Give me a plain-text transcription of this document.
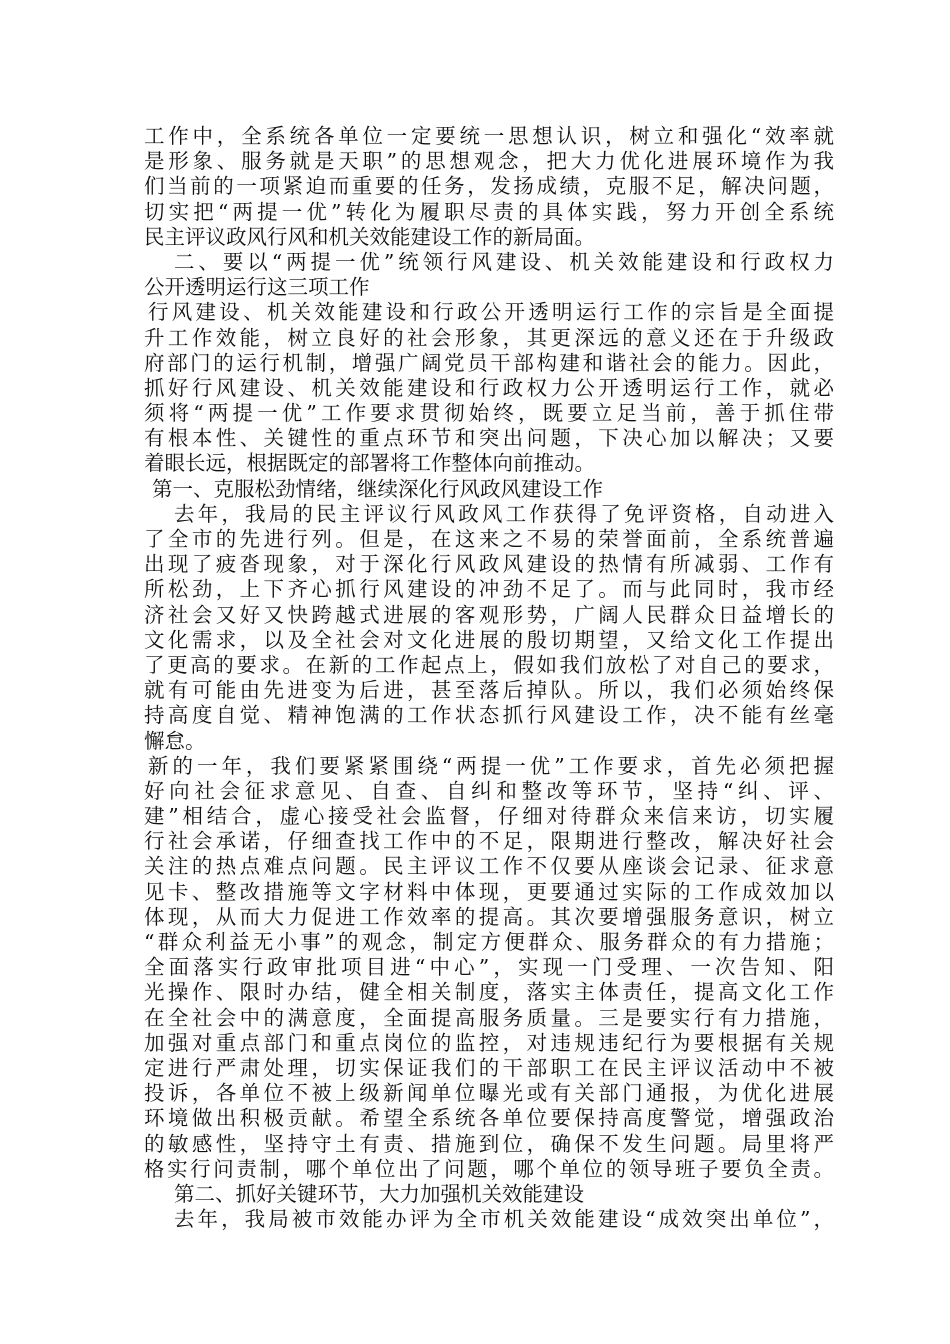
工作中，全系统各单位一定要统一思想认识，树立和强化“效率就
是形象、服务就是天职”的思想观念，把大力优化进展环境作为我
们当前的一项紧迫而重要的任务，发扬成绩，克服不足，解决问题，
切实把“两提一优”转化为履职尽责的具体实践，努力开创全系统
民主评议政风行风和机关效能建设工作的新局面。
二、要以“两提一优”统领行风建设、机关效能建设和行政权力
公开透明运行这三项工作
行风建设、机关效能建设和行政公开透明运行工作的宗旨是全面提
升工作效能，树立良好的社会形象，其更深远的意义还在于升级政
府部门的运行机制，增强广阔党员干部构建和谐社会的能力。因此，
抓好行风建设、机关效能建设和行政权力公开透明运行工作，就必
须将“两提一优”工作要求贯彻始终，既要立足当前，善于抓住带
有根本性、关键性的重点环节和突出问题，下决心加以解决；又要
着眼长远，根据既定的部署将工作整体向前推动。
第一、克服松劲情绪，继续深化行风政风建设工作
去年，我局的民主评议行风政风工作获得了免评资格，自动进入
了全市的先进行列。但是，在这来之不易的荣誉面前，全系统普遍
出现了疲沓现象，对于深化行风政风建设的热情有所减弱、工作有
所松劲，上下齐心抓行风建设的冲劲不足了。而与此同时，我市经
济社会又好又快跨越式进展的客观形势，广阔人民群众日益增长的
文化需求，以及全社会对文化进展的殷切期望，又给文化工作提出
了更高的要求。在新的工作起点上，假如我们放松了对自己的要求，
就有可能由先进变为后进，甚至落后掉队。所以，我们必须始终保
持高度自觉、精神饱满的工作状态抓行风建设工作，决不能有丝毫
懈怠。
新的一年，我们要紧紧围绕“两提一优”工作要求，首先必须把握
好向社会征求意见、自查、自纠和整改等环节，坚持“纠、评、
建”相结合，虚心接受社会监督，仔细对待群众来信来访，切实履
行社会承诺，仔细查找工作中的不足，限期进行整改，解决好社会
关注的热点难点问题。民主评议工作不仅要从座谈会记录、征求意
见卡、整改措施等文字材料中体现，更要通过实际的工作成效加以
体现，从而大力促进工作效率的提高。其次要增强服务意识，树立
“群众利益无小事”的观念，制定方便群众、服务群众的有力措施；
全面落实行政审批项目进“中心”，实现一门受理、一次告知、阳
光操作、限时办结，健全相关制度，落实主体责任，提高文化工作
在全社会中的满意度，全面提高服务质量。三是要实行有力措施，
加强对重点部门和重点岗位的监控，对违规违纪行为要根据有关规
定进行严肃处理，切实保证我们的干部职工在民主评议活动中不被
投诉，各单位不被上级新闻单位曝光或有关部门通报，为优化进展
环境做出积极贡献。希望全系统各单位要保持高度警觉，增强政治
的敏感性，坚持守土有责、措施到位，确保不发生问题。局里将严
格实行问责制，哪个单位出了问题，哪个单位的领导班子要负全责。
第二、抓好关键环节，大力加强机关效能建设
去年，我局被市效能办评为全市机关效能建设“成效突出单位”，
